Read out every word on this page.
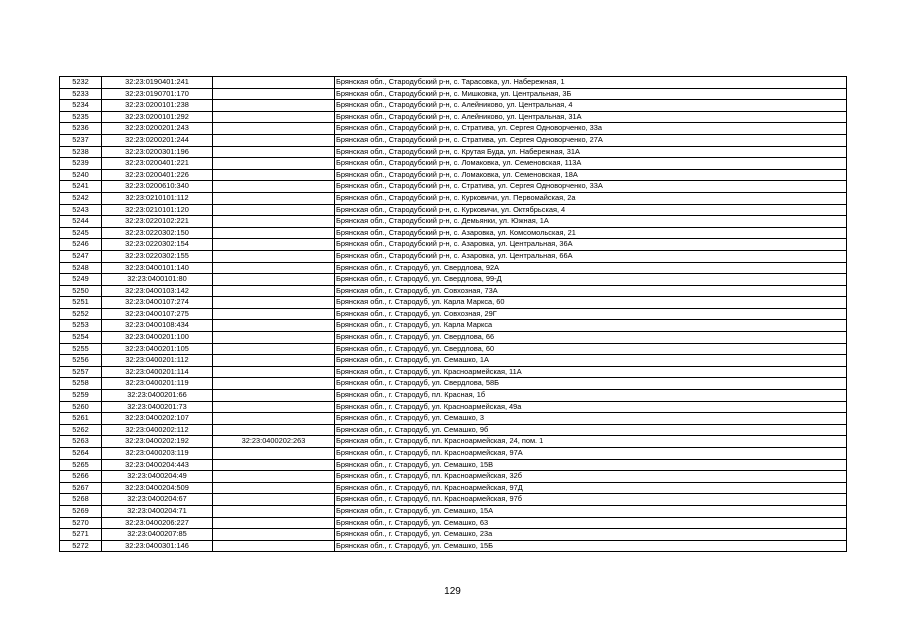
5232	32:23:0190401:241		Брянская обл., Стародубский р-н, с. Тарасовка, ул. Набережная, 1
5233	32:23:0190701:170		Брянская обл., Стародубский р-н, с. Мишковка, ул. Центральная, 3Б
5234	32:23:0200101:238		Брянская обл., Стародубский р-н, с. Алейниково, ул. Центральная, 4
5235	32:23:0200101:292		Брянская обл., Стародубский р-н, с. Алейниково, ул. Центральная, 31А
5236	32:23:0200201:243		Брянская обл., Стародубский р-н, с. Стратива, ул. Сергея Одноворченко, 33а
5237	32:23:0200201:244		Брянская обл., Стародубский р-н, с. Стратива, ул. Сергея Одноворченко, 27А
5238	32:23:0200301:196		Брянская обл., Стародубский р-н, с. Крутая Буда, ул. Набережная, 31А
5239	32:23:0200401:221		Брянская обл., Стародубский р-н, с. Ломаковка, ул. Семеновская, 113А
5240	32:23:0200401:226		Брянская обл., Стародубский р-н, с. Ломаковка, ул. Семеновская, 18А
5241	32:23:0200610:340		Брянская обл., Стародубский р-н, с. Стратива, ул. Сергея Одноворченко, 33А
5242	32:23:0210101:112		Брянская обл., Стародубский р-н, с. Курковичи, ул. Первомайская, 2а
5243	32:23:0210101:120		Брянская обл., Стародубский р-н, с. Курковичи, ул. Октябрьская, 4
5244	32:23:0220102:221		Брянская обл., Стародубский р-н, с. Демьянки, ул. Южная, 1А
5245	32:23:0220302:150		Брянская обл., Стародубский р-н, с. Азаровка, ул. Комсомольская, 21
5246	32:23:0220302:154		Брянская обл., Стародубский р-н, с. Азаровка, ул. Центральная, 36А
5247	32:23:0220302:155		Брянская обл., Стародубский р-н, с. Азаровка, ул. Центральная, 66А
5248	32:23:0400101:140		Брянская обл., г. Стародуб, ул. Свердлова, 92А
5249	32:23:0400101:80		Брянская обл., г. Стародуб, ул. Свердлова, 99-Д
5250	32:23:0400103:142		Брянская обл., г. Стародуб, ул. Совхозная, 73А
5251	32:23:0400107:274		Брянская обл., г. Стародуб, ул. Карла Маркса, 60
5252	32:23:0400107:275		Брянская обл., г. Стародуб, ул. Совхозная, 29Г
5253	32:23:0400108:434		Брянская обл., г. Стародуб, ул. Карла Маркса
5254	32:23:0400201:100		Брянская обл., г. Стародуб, ул. Свердлова, 66
5255	32:23:0400201:105		Брянская обл., г. Стародуб, ул. Свердлова, 60
5256	32:23:0400201:112		Брянская обл., г. Стародуб, ул. Семашко, 1А
5257	32:23:0400201:114		Брянская обл., г. Стародуб, ул. Красноармейская, 11А
5258	32:23:0400201:119		Брянская обл., г. Стародуб, ул. Свердлова, 58Б
5259	32:23:0400201:66		Брянская обл., г. Стародуб, пл. Красная, 1б
5260	32:23:0400201:73		Брянская обл., г. Стародуб, ул. Красноармейская, 49а
5261	32:23:0400202:107		Брянская обл., г. Стародуб, ул. Семашко, 3
5262	32:23:0400202:112		Брянская обл., г. Стародуб, ул. Семашко, 9б
5263	32:23:0400202:192	32:23:0400202:263	Брянская обл., г. Стародуб, пл. Красноармейская, 24, пом. 1
5264	32:23:0400203:119		Брянская обл., г. Стародуб, пл. Красноармейская, 97А
5265	32:23:0400204:443		Брянская обл., г. Стародуб, ул. Семашко, 15В
5266	32:23:0400204:49		Брянская обл., г. Стародуб, пл. Красноармейская, 32б
5267	32:23:0400204:509		Брянская обл., г. Стародуб, пл. Красноармейская, 97Д
5268	32:23:0400204:67		Брянская обл., г. Стародуб, пл. Красноармейская, 97б
5269	32:23:0400204:71		Брянская обл., г. Стародуб, ул. Семашко, 15А
5270	32:23:0400206:227		Брянская обл., г. Стародуб, ул. Семашко, 63
5271	32:23:0400207:85		Брянская обл., г. Стародуб, ул. Семашко, 23а
5272	32:23:0400301:146		Брянская обл., г. Стародуб, ул. Семашко, 15Б
129
